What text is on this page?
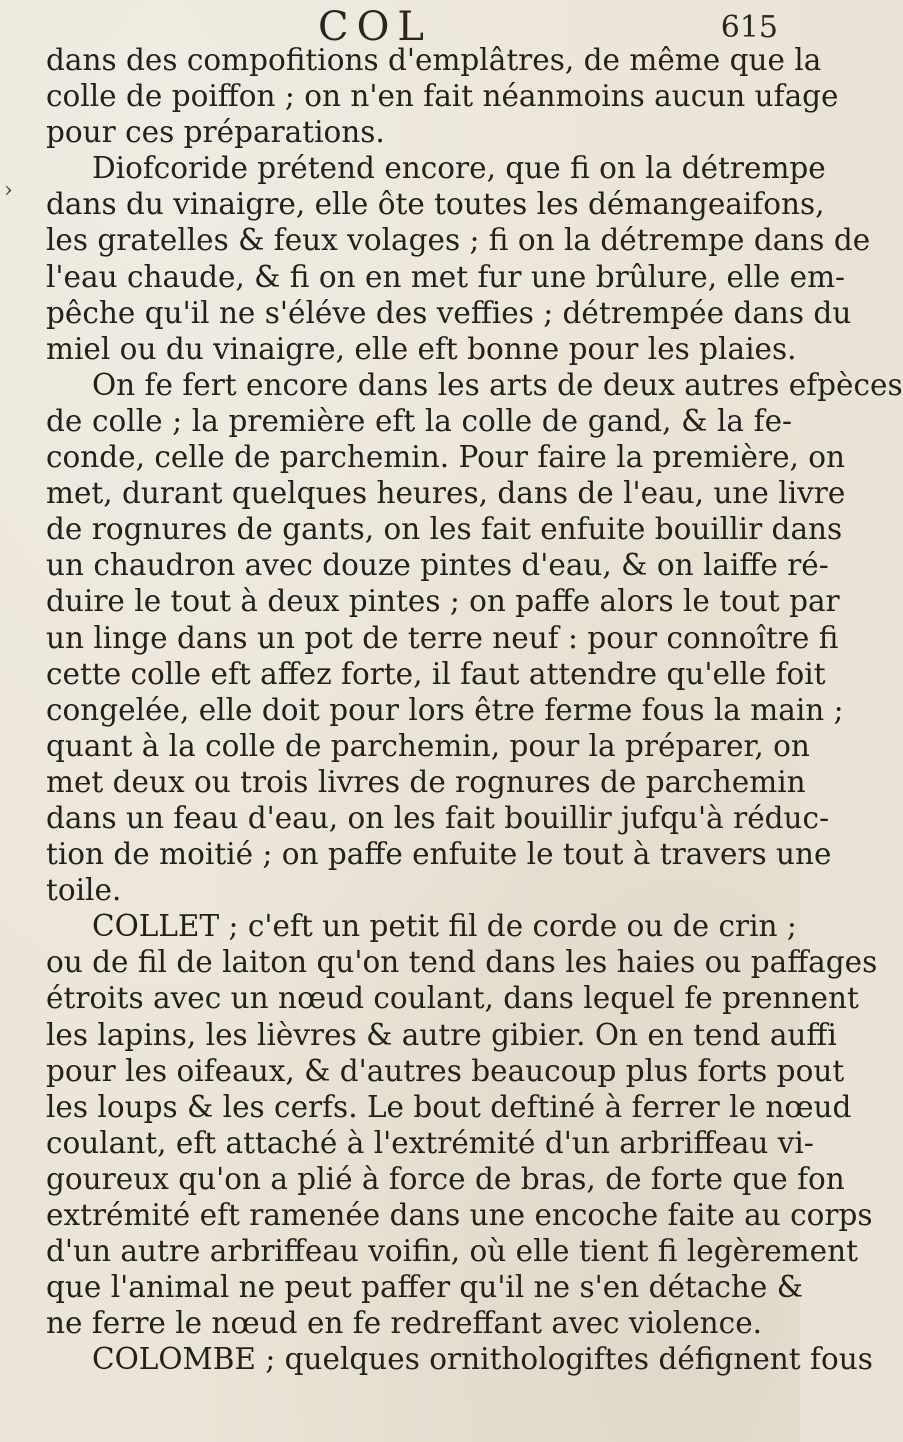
COL	615
›
dans des compofitions d'emplâtres, de même que la
colle de poiffon ; on n'en fait néanmoins aucun ufage
pour ces préparations.
Diofcoride prétend encore, que fi on la détrempe
dans du vinaigre, elle ôte toutes les démangeaifons,
les gratelles & feux volages ; fi on la détrempe dans de
l'eau chaude, & fi on en met fur une brûlure, elle em-
pêche qu'il ne s'éléve des veffies ; détrempée dans du
miel ou du vinaigre, elle eft bonne pour les plaies.
On fe fert encore dans les arts de deux autres efpèces
de colle ; la première eft la colle de gand, & la fe-
conde, celle de parchemin. Pour faire la première, on
met, durant quelques heures, dans de l'eau, une livre
de rognures de gants, on les fait enfuite bouillir dans
un chaudron avec douze pintes d'eau, & on laiffe ré-
duire le tout à deux pintes ; on paffe alors le tout par
un linge dans un pot de terre neuf : pour connoître fi
cette colle eft affez forte, il faut attendre qu'elle foit
congelée, elle doit pour lors être ferme fous la main ;
quant à la colle de parchemin, pour la préparer, on
met deux ou trois livres de rognures de parchemin
dans un feau d'eau, on les fait bouillir jufqu'à réduc-
tion de moitié ; on paffe enfuite le tout à travers une
toile.
COLLET ; c'eft un petit fil de corde ou de crin ;
ou de fil de laiton qu'on tend dans les haies ou paffages
étroits avec un nœud coulant, dans lequel fe prennent
les lapins, les lièvres & autre gibier. On en tend auffi
pour les oifeaux, & d'autres beaucoup plus forts pout
les loups & les cerfs. Le bout deftiné à ferrer le nœud
coulant, eft attaché à l'extrémité d'un arbriffeau vi-
goureux qu'on a plié à force de bras, de forte que fon
extrémité eft ramenée dans une encoche faite au corps
d'un autre arbriffeau voifin, où elle tient fi legèrement
que l'animal ne peut paffer qu'il ne s'en détache &
ne ferre le nœud en fe redreffant avec violence.
COLOMBE ; quelques ornithologiftes défignent fous
